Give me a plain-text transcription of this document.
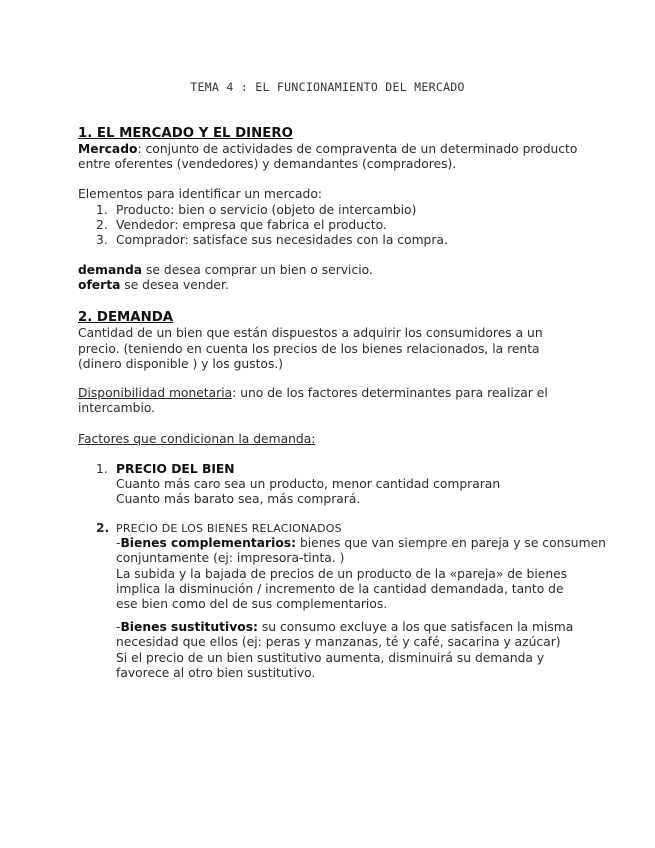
TEMA 4 : EL FUNCIONAMIENTO DEL MERCADO
1. EL MERCADO Y EL DINERO
Mercado: conjunto de actividades de compraventa de un determinado producto
entre oferentes (vendedores) y demandantes (compradores).
Elementos para identificar un mercado:
1. Producto: bien o servicio (objeto de intercambio)
2. Vendedor: empresa que fabrica el producto.
3. Comprador: satisface sus necesidades con la compra.
demanda se desea comprar un bien o servicio.
oferta se desea vender.
2. DEMANDA
Cantidad de un bien que están dispuestos a adquirir los consumidores a un
precio. (teniendo en cuenta los precios de los bienes relacionados, la renta
(dinero disponible ) y los gustos.)
Disponibilidad monetaria: uno de los factores determinantes para realizar el
intercambio.
Factores que condicionan la demanda:
1. PRECIO DEL BIEN
Cuanto más caro sea un producto, menor cantidad compraran
Cuanto más barato sea, más comprará.
2. PRECIO DE LOS BIENES RELACIONADOS
-Bienes complementarios: bienes que van siempre en pareja y se consumen
conjuntamente (ej: impresora-tinta. )
La subida y la bajada de precios de un producto de la «pareja» de bienes
implica la disminución / incremento de la cantidad demandada, tanto de
ese bien como del de sus complementarios.
-Bienes sustitutivos: su consumo excluye a los que satisfacen la misma
necesidad que ellos (ej: peras y manzanas, té y café, sacarina y azúcar)
Si el precio de un bien sustitutivo aumenta, disminuirá su demanda y
favorece al otro bien sustitutivo.
